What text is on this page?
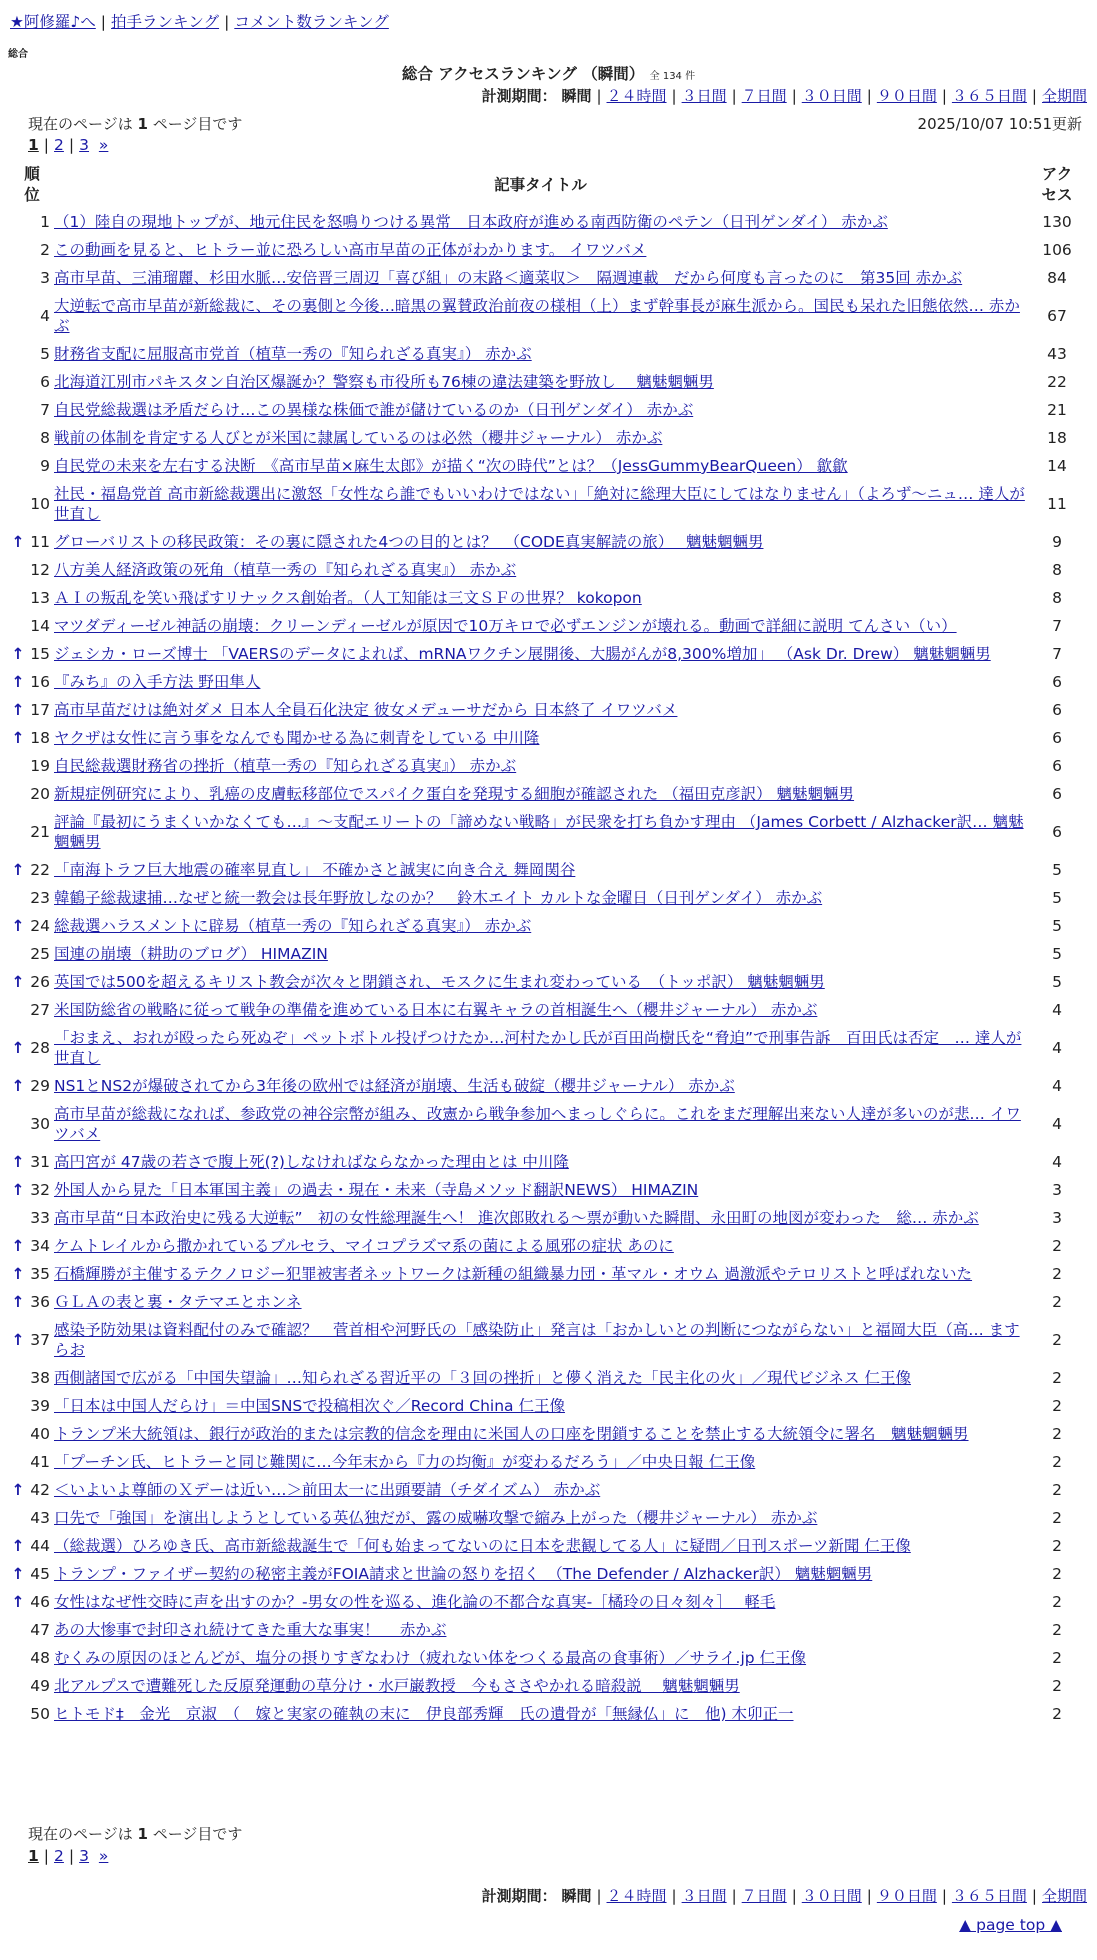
★阿修羅♪へ | 拍手ランキング | コメント数ランキング
総合
総合 アクセスランキング （瞬間） 全 134 件
計測期間： 瞬間 | ２４時間 | ３日間 | ７日間 | ３０日間 | ９０日間 | ３６５日間 | 全期間
現在のページは 1 ページ目です	2025/10/07 10:51更新
1 | 2 | 3 »
順位		記事タイトル	アクセス
	1	（1）陸自の現地トップが、地元住民を怒鳴りつける異常　日本政府が進める南西防衛のペテン（日刊ゲンダイ） 赤かぶ	130
	2	この動画を見ると、ヒトラー並に恐ろしい高市早苗の正体がわかります。 イワツバメ	106
	3	高市早苗、三浦瑠麗、杉田水脈…安倍晋三周辺「喜び組」の末路＜適菜収＞　隔週連載　だから何度も言ったのに　第35回 赤かぶ	84
	4	大逆転で高市早苗が新総裁に、その裏側と今後…暗黒の翼賛政治前夜の様相（上）まず幹事長が麻生派から。国民も呆れた旧態依然… 赤かぶ	67
	5	財務省支配に屈服高市党首（植草一秀の『知られざる真実』） 赤かぶ	43
	6	北海道江別市パキスタン自治区爆誕か？警察も市役所も76棟の違法建築を野放し　 魑魅魍魎男	22
	7	自民党総裁選は矛盾だらけ…この異様な株価で誰が儲けているのか（日刊ゲンダイ） 赤かぶ	21
	8	戦前の体制を肯定する人びとが米国に隷属しているのは必然（櫻井ジャーナル） 赤かぶ	18
	9	自民党の未来を左右する決断　《高市早苗×麻生太郎》が描く“次の時代”とは？（JessGummyBearQueen） 歙歙	14
	10	社民・福島党首 高市新総裁選出に激怒「女性なら誰でもいいわけではない」「絶対に総理大臣にしてはなりません」（よろず〜ニュ… 達人が世直し	11
↑	11	グローバリストの移民政策：その裏に隠された4つの目的とは？　（CODE真実解読の旅）　 魑魅魍魎男	9
	12	八方美人経済政策の死角（植草一秀の『知られざる真実』） 赤かぶ	8
	13	ＡＩの叛乱を笑い飛ばすリナックス創始者。（人工知能は三文ＳＦの世界？ kokopon	8
	14	マツダディーゼル神話の崩壊：クリーンディーゼルが原因で10万キロで必ずエンジンが壊れる。動画で詳細に説明 てんさい（い）	7
↑	15	ジェシカ・ローズ博士 「VAERSのデータによれば、mRNAワクチン展開後、大腸がんが8,300%増加」 （Ask Dr. Drew） 魑魅魍魎男	7
↑	16	『みち』の入手方法 野田隼人	6
↑	17	高市早苗だけは絶対ダメ 日本人全員石化決定 彼女メデューサだから 日本終了 イワツバメ	6
↑	18	ヤクザは女性に言う事をなんでも聞かせる為に刺青をしている 中川隆	6
	19	自民総裁選財務省の挫折（植草一秀の『知られざる真実』） 赤かぶ	6
	20	新規症例研究により、乳癌の皮膚転移部位でスパイク蛋白を発現する細胞が確認された （福田克彦訳） 魑魅魍魎男	6
	21	評論『最初にうまくいかなくても…』〜支配エリートの「諦めない戦略」が民衆を打ち負かす理由 （James Corbett / Alzhacker訳… 魑魅魍魎男	6
↑	22	「南海トラフ巨大地震の確率見直し」 不確かさと誠実に向き合え 舞岡関谷	5
	23	韓鶴子総裁逮捕…なぜと統一教会は長年野放しなのか？　鈴木エイト カルトな金曜日（日刊ゲンダイ） 赤かぶ	5
↑	24	総裁選ハラスメントに辟易（植草一秀の『知られざる真実』） 赤かぶ	5
	25	国連の崩壊（耕助のブログ） HIMAZIN	5
↑	26	英国では500を超えるキリスト教会が次々と閉鎖され、モスクに生まれ変わっている　（トッポ訳） 魑魅魍魎男	5
	27	米国防総省の戦略に従って戦争の準備を進めている日本に右翼キャラの首相誕生へ（櫻井ジャーナル） 赤かぶ	4
↑	28	「おまえ、おれが殴ったら死ぬぞ」ペットボトル投げつけたか…河村たかし氏が百田尚樹氏を“脅迫”で刑事告訴　百田氏は否定　… 達人が世直し	4
↑	29	NS1とNS2が爆破されてから3年後の欧州では経済が崩壊、生活も破綻（櫻井ジャーナル） 赤かぶ	4
	30	高市早苗が総裁になれば、参政党の神谷宗幣が組み、改憲から戦争参加へまっしぐらに。これをまだ理解出来ない人達が多いのが悲… イワツバメ	4
↑	31	高円宮が 47歳の若さで腹上死(?)しなければならなかった理由とは 中川隆	4
↑	32	外国人から見た「日本軍国主義」の過去・現在・未来（寺島メソッド翻訳NEWS） HIMAZIN	3
	33	高市早苗“日本政治史に残る大逆転”　初の女性総理誕生へ！ 進次郎敗れる〜票が動いた瞬間、永田町の地図が変わった　総… 赤かぶ	3
↑	34	ケムトレイルから撒かれているブルセラ、マイコプラズマ系の菌による風邪の症状 あのに	2
↑	35	石橋輝勝が主催するテクノロジー犯罪被害者ネットワークは新種の組織暴力団・革マル・オウム 過激派やテロリストと呼ばれないた	2
↑	36	ＧＬＡの表と裏・タテマエとホンネ	2
↑	37	感染予防効果は資料配付のみで確認？　菅首相や河野氏の「感染防止」発言は「おかしいとの判断につながらない」と福岡大臣（高… ますらお	2
	38	西側諸国で広がる「中国失望論」…知られざる習近平の「３回の挫折」と儚く消えた「民主化の火」／現代ビジネス 仁王像	2
	39	「日本は中国人だらけ」＝中国SNSで投稿相次ぐ／Record China 仁王像	2
	40	トランプ米大統領は、銀行が政治的または宗教的信念を理由に米国人の口座を閉鎖することを禁止する大統領令に署名　魑魅魍魎男	2
	41	「プーチン氏、ヒトラーと同じ難関に…今年末から『力の均衡』が変わるだろう」／中央日報 仁王像	2
↑	42	＜いよいよ尊師のＸデーは近い…＞前田太一に出頭要請（チダイズム） 赤かぶ	2
	43	口先で「強国」を演出しようとしている英仏独だが、露の威嚇攻撃で縮み上がった（櫻井ジャーナル） 赤かぶ	2
↑	44	（総裁選）ひろゆき氏、高市新総裁誕生で「何も始まってないのに日本を悲観してる人」に疑問／日刊スポーツ新聞 仁王像	2
↑	45	トランプ・ファイザー契約の秘密主義がFOIA請求と世論の怒りを招く　（The Defender / Alzhacker訳） 魑魅魍魎男	2
↑	46	女性はなぜ性交時に声を出すのか？-男女の性を巡る、進化論の不都合な真実-［橘玲の日々刻々］　 軽毛	2
	47	あの大惨事で封印され続けてきた重大な事実！　 赤かぶ	2
	48	むくみの原因のほとんどが、塩分の摂りすぎなわけ（疲れない体をつくる最高の食事術）／サライ.jp 仁王像	2
	49	北アルプスで遭難死した反原発運動の草分け・水戸巌教授　今もささやかれる暗殺説　 魑魅魍魎男	2
	50	ヒトモド‡　金光　京淑　（　嫁と実家の確執の末に　伊良部秀輝　氏の遺骨が「無縁仏」に　他) 木卯正一	2
現在のページは 1 ページ目です
1 | 2 | 3 »
計測期間： 瞬間 | ２４時間 | ３日間 | ７日間 | ３０日間 | ９０日間 | ３６５日間 | 全期間
▲ page top ▲
